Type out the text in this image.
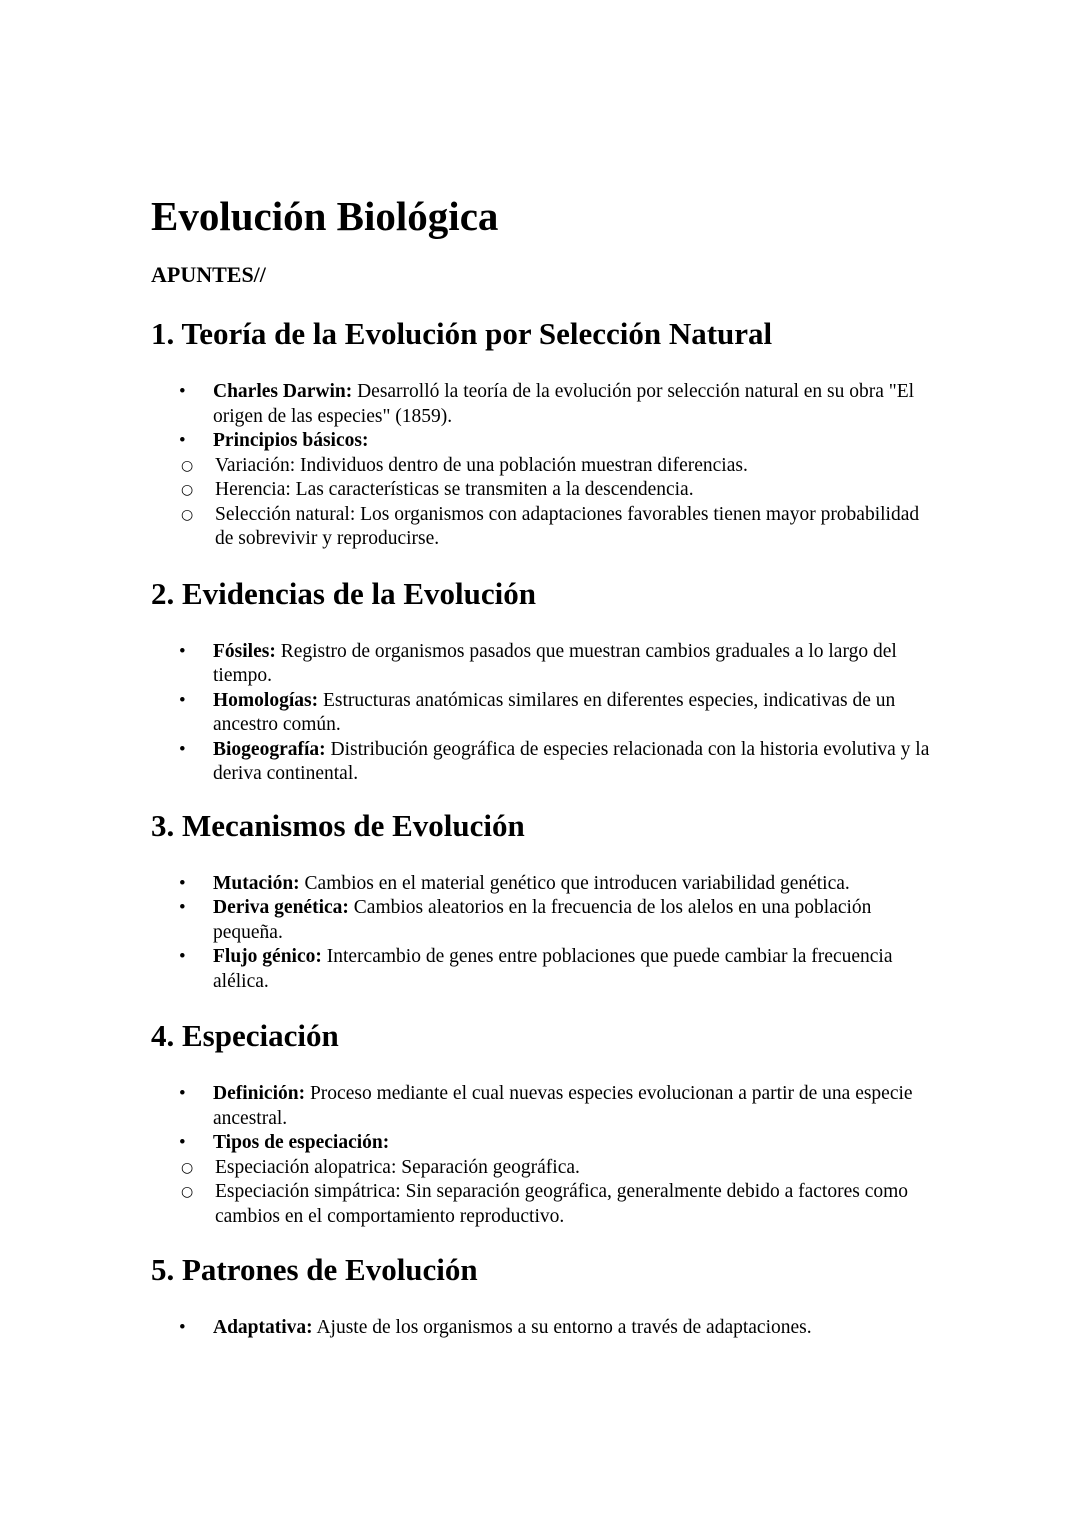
Evolución Biológica
APUNTES//
1. Teoría de la Evolución por Selección Natural
• Charles Darwin: Desarrolló la teoría de la evolución por selección natural en su obra "El origen de las especies" (1859).
• Principios básicos:
○ Variación: Individuos dentro de una población muestran diferencias.
○ Herencia: Las características se transmiten a la descendencia.
○ Selección natural: Los organismos con adaptaciones favorables tienen mayor probabilidad de sobrevivir y reproducirse.
2. Evidencias de la Evolución
• Fósiles: Registro de organismos pasados que muestran cambios graduales a lo largo del tiempo.
• Homologías: Estructuras anatómicas similares en diferentes especies, indicativas de un ancestro común.
• Biogeografía: Distribución geográfica de especies relacionada con la historia evolutiva y la deriva continental.
3. Mecanismos de Evolución
• Mutación: Cambios en el material genético que introducen variabilidad genética.
• Deriva genética: Cambios aleatorios en la frecuencia de los alelos en una población pequeña.
• Flujo génico: Intercambio de genes entre poblaciones que puede cambiar la frecuencia alélica.
4. Especiación
• Definición: Proceso mediante el cual nuevas especies evolucionan a partir de una especie ancestral.
• Tipos de especiación:
○ Especiación alopatrica: Separación geográfica.
○ Especiación simpátrica: Sin separación geográfica, generalmente debido a factores como cambios en el comportamiento reproductivo.
5. Patrones de Evolución
• Adaptativa: Ajuste de los organismos a su entorno a través de adaptaciones.
